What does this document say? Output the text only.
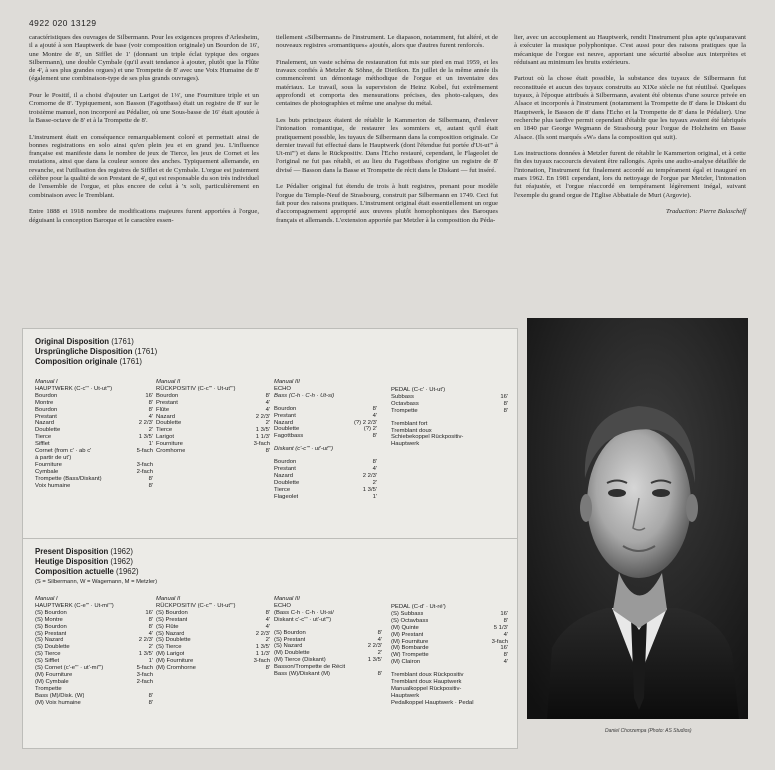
4922 020 13129

caractéristiques des ouvrages de Silbermann. Pour les exigences propres d'Arlesheim, il a ajouté à son Hauptwerk de base (voir composition originale) un Bourdon de 16', une Montre de 8', un Sifflet de 1' (donnant un triple éclat typique des orgues Silbermann), une double Cymbale (qu'il avait tendance à ajouter, plutôt que la Flûte de 4', à ses plus grandes orgues) et une Trompette de 8' avec une Voix Humaine de 8' (également une combinaison-type de ses plus grands ouvrages).

Pour le Positif, il a choisi d'ajouter un Larigot de 1⅓', une Fourniture triple et un Cromorne de 8'. Typiquement, son Basson (Fagottbass) était un registre de 8' sur le troisième manuel, non incorporé au Pédalier, où une Sous-basse de 16' était ajoutée à la Basse-octave de 8' et à la Trompette de 8'.

L'instrument était en conséquence remarquablement coloré et permettait ainsi de bonnes registrations en solo ainsi qu'en plein jeu et en grand jeu. L'influence française est manifeste dans le nombre de jeux de Tierce, les jeux de Cornet et les mutations, ainsi que dans la couleur sonore des anches. Typiquement allemande, en revanche, est l'utilisation des registres de Sifflet et de Cymbale. L'orgue est justement célèbre pour la qualité de son Prestant de 4', qui est responsable du son très individuel de l'ensemble de l'orgue, et plus encore de celui à 'x soli, particulièrement en combinaison avec le Tremblant.

Entre 1888 et 1918 nombre de modifications majeures furent apportées à l'orgue, déguisant la conception Baroque et le caractère essen-

tiellement «Silbermann» de l'instrument. Le diapason, notamment, fut altéré, et de nouveaux registres «romantiques» ajoutés, alors que d'autres furent renforcés.

Finalement, un vaste schéma de restauration fut mis sur pied en mai 1959, et les travaux confiés à Metzler & Söhne, de Dietikon. En juillet de la même année ils commencèrent un démontage méthodique de l'orgue et un inventaire des matériaux. Le travail, sous la supervision de Heinz Kobel, fut extrêmement approfondi et comporta des mensurations précises, des photo-calques, des centaines de photographies et même une analyse du métal.

Les buts principaux étaient de rétablir le Kammerton de Silbermann, d'enlever l'intonation romantique, de restaurer les sommiers et, autant qu'il était pratiquement possible, les tuyaux de Silbermann dans la composition originale. Ce dernier travail fut effectué dans le Hauptwerk (dont l'étendue fut portée d'Ut-ut''' à Ut-mi''') et dans le Rückpositiv. Dans l'Echo restauré, cependant, le Flageolet de l'original ne fut pas rétabli, et au lieu du Fagottbass d'origine un registre de 8' divisé — Basson dans la Basse et Trompette de récit dans le Diskant — fut inséré.

Le Pédalier original fut étendu de trois à huit registres, prenant pour modèle l'orgue du Temple-Neuf de Strasbourg, construit par Silbermann en 1749. Ceci fut fait pour des raisons pratiques. L'instrument original était essentiellement un orgue d'accompagnement approprié aux œuvres plutôt homophoniques des Baroques français et allemands. L'extension apportée par Metzler à la composition du Péda-

lier, avec un accouplement au Hauptwerk, rendit l'instrument plus apte qu'auparavant à exécuter la musique polyphonique. C'est aussi pour des raisons pratiques que la mécanique de l'orgue est neuve, apportant une sécurité absolue aux interprètes et réduisant au minimum les bruits extérieurs.

Partout où la chose était possible, la substance des tuyaux de Silbermann fut reconstituée et aucun des tuyaux construits au XIXe siècle ne fut réutilisé. Quelques tuyaux, à l'époque attribués à Silbermann, avaient été obtenus d'une source privée en Alsace et incorporés à l'instrument (notamment la Trompette de 8' dans le Diskant du Hauptwerk, le Basson de 8' dans l'Echo et la Trompette de 8' dans le Pédalier). Une recherche plus tardive permit cependant d'établir que les tuyaux avaient été fabriqués en 1840 par George Wegmann de Strasbourg pour l'orgue de Holzheim en Basse Alsace. (Ils sont marqués «W» dans la composition qui suit).

Les instructions données à Metzler furent de rétablir le Kammerton original, et à cette fin des tuyaux raccourcis devaient être rallongés. Après une audio-analyse détaillée de l'intonation, l'instrument fut finalement accordé au tempérament égal et inauguré en mars 1962. En 1981 cependant, lors du nettoyage de l'orgue par Metzler, l'intonation fut réajustée, et l'orgue réaccordé en tempérament légèrement inégal, suivant l'exemple du grand orgue de l'Eglise Abbatiale de Muri (Argovie).

Traduction: Pierre Balascheff

Original Disposition (1761)
Ursprüngliche Disposition (1761)
Composition originale (1761)
Manual I
HAUPTWERK (C-c''' · Ut-ut''')
Bourdon	16'
Montre	8'
Bourdon	8'
Prestant	4'
Nazard	2 2/3'
Doublette	2'
Tierce	1 3/5'
Sifflet	1'
Cornet (from c' · ab c'	5-fach
à partir de ut')
Fourniture	3-fach
Cymbale	2-fach
Trompette (Bass/Diskant)	8'
Voix humaine	8'
Manual II
RÜCKPOSITIV (C-c''' · Ut-ut''')
Bourdon	8'
Prestant	4'
Flûte	4'
Nazard	2 2/3'
Doublette	2'
Tierce	1 3/5'
Larigot	1 1/3'
Fourniture	3-fach
Cromhorne	8'
Manual III
ECHO
Bass (C-h · C-h · Ut-si)
Bourdon	8'
Prestant	4'
Nazard	(?) 2 2/3'
Doublette	(?) 2'
Fagottbass	8'
Diskant (c'-c''' · ut'-ut''')
Bourdon	8'
Prestant	4'
Nazard	2 2/3'
Doublette	2'
Tierce	1 3/5'
Flageolet	1'
PEDAL (C-c' · Ut-ut')
Subbass	16'
Octavbass	8'
Trompette	8'
Tremblant fort
Tremblant doux
Schiebekoppel Rückpositiv-
Hauptwerk
Present Disposition (1962)
Heutige Disposition (1962)
Composition actuelle (1962)
(S = Silbermann, W = Wagemann, M = Metzler)
Manual I
HAUPTWERK (C-e''' · Ut-mi''')
(S) Bourdon	16'
(S) Montre	8'
(S) Bourdon	8'
(S) Prestant	4'
(S) Nazard	2 2/3'
(S) Doublette	2'
(S) Tierce	1 3/5'
(S) Sifflet	1'
(S) Cornet (c'-e''' · ut'-mi''')	5-fach
(M) Fourniture	3-fach
(M) Cymbale	2-fach
Trompette
Bass (M)/Disk. (W)	8'
(M) Voix humaine	8'
Manual II
RÜCKPOSITIV (C-c''' · Ut-ut''')
(S) Bourdon	8'
(S) Prestant	4'
(S) Flûte	4'
(S) Nazard	2 2/3'
(S) Doublette	2'
(S) Tierce	1 3/5'
(M) Larigot	1 1/3'
(M) Fourniture	3-fach
(M) Cromhorne	8'
Manual III
ECHO
(Bass C-h · C-h · Ut-si/
Diskant c'-c''' · ut'-ut''')
(S) Bourdon	8'
(S) Prestant	4'
(S) Nazard	2 2/3'
(M) Doublette	2'
(M) Tierce (Diskant)	1 3/5'
Basson/Trompette de Récit
Bass (W)/Diskant (M)	8'
PEDAL (C-d' · Ut-ré')
(S) Subbass	16'
(S) Octavbass	8'
(M) Quinte	5 1/3'
(M) Prestant	4'
(M) Fourniture	3-fach
(M) Bombarde	16'
(W) Trompette	8'
(M) Clairon	4'
Tremblant doux Rückpositiv
Tremblant doux Hauptwerk
Manualkoppel Rückpositiv-
Hauptwerk
Pedalkoppel Hauptwerk · Pedal
Daniel Chorzempa (Photo: AS Studios)
